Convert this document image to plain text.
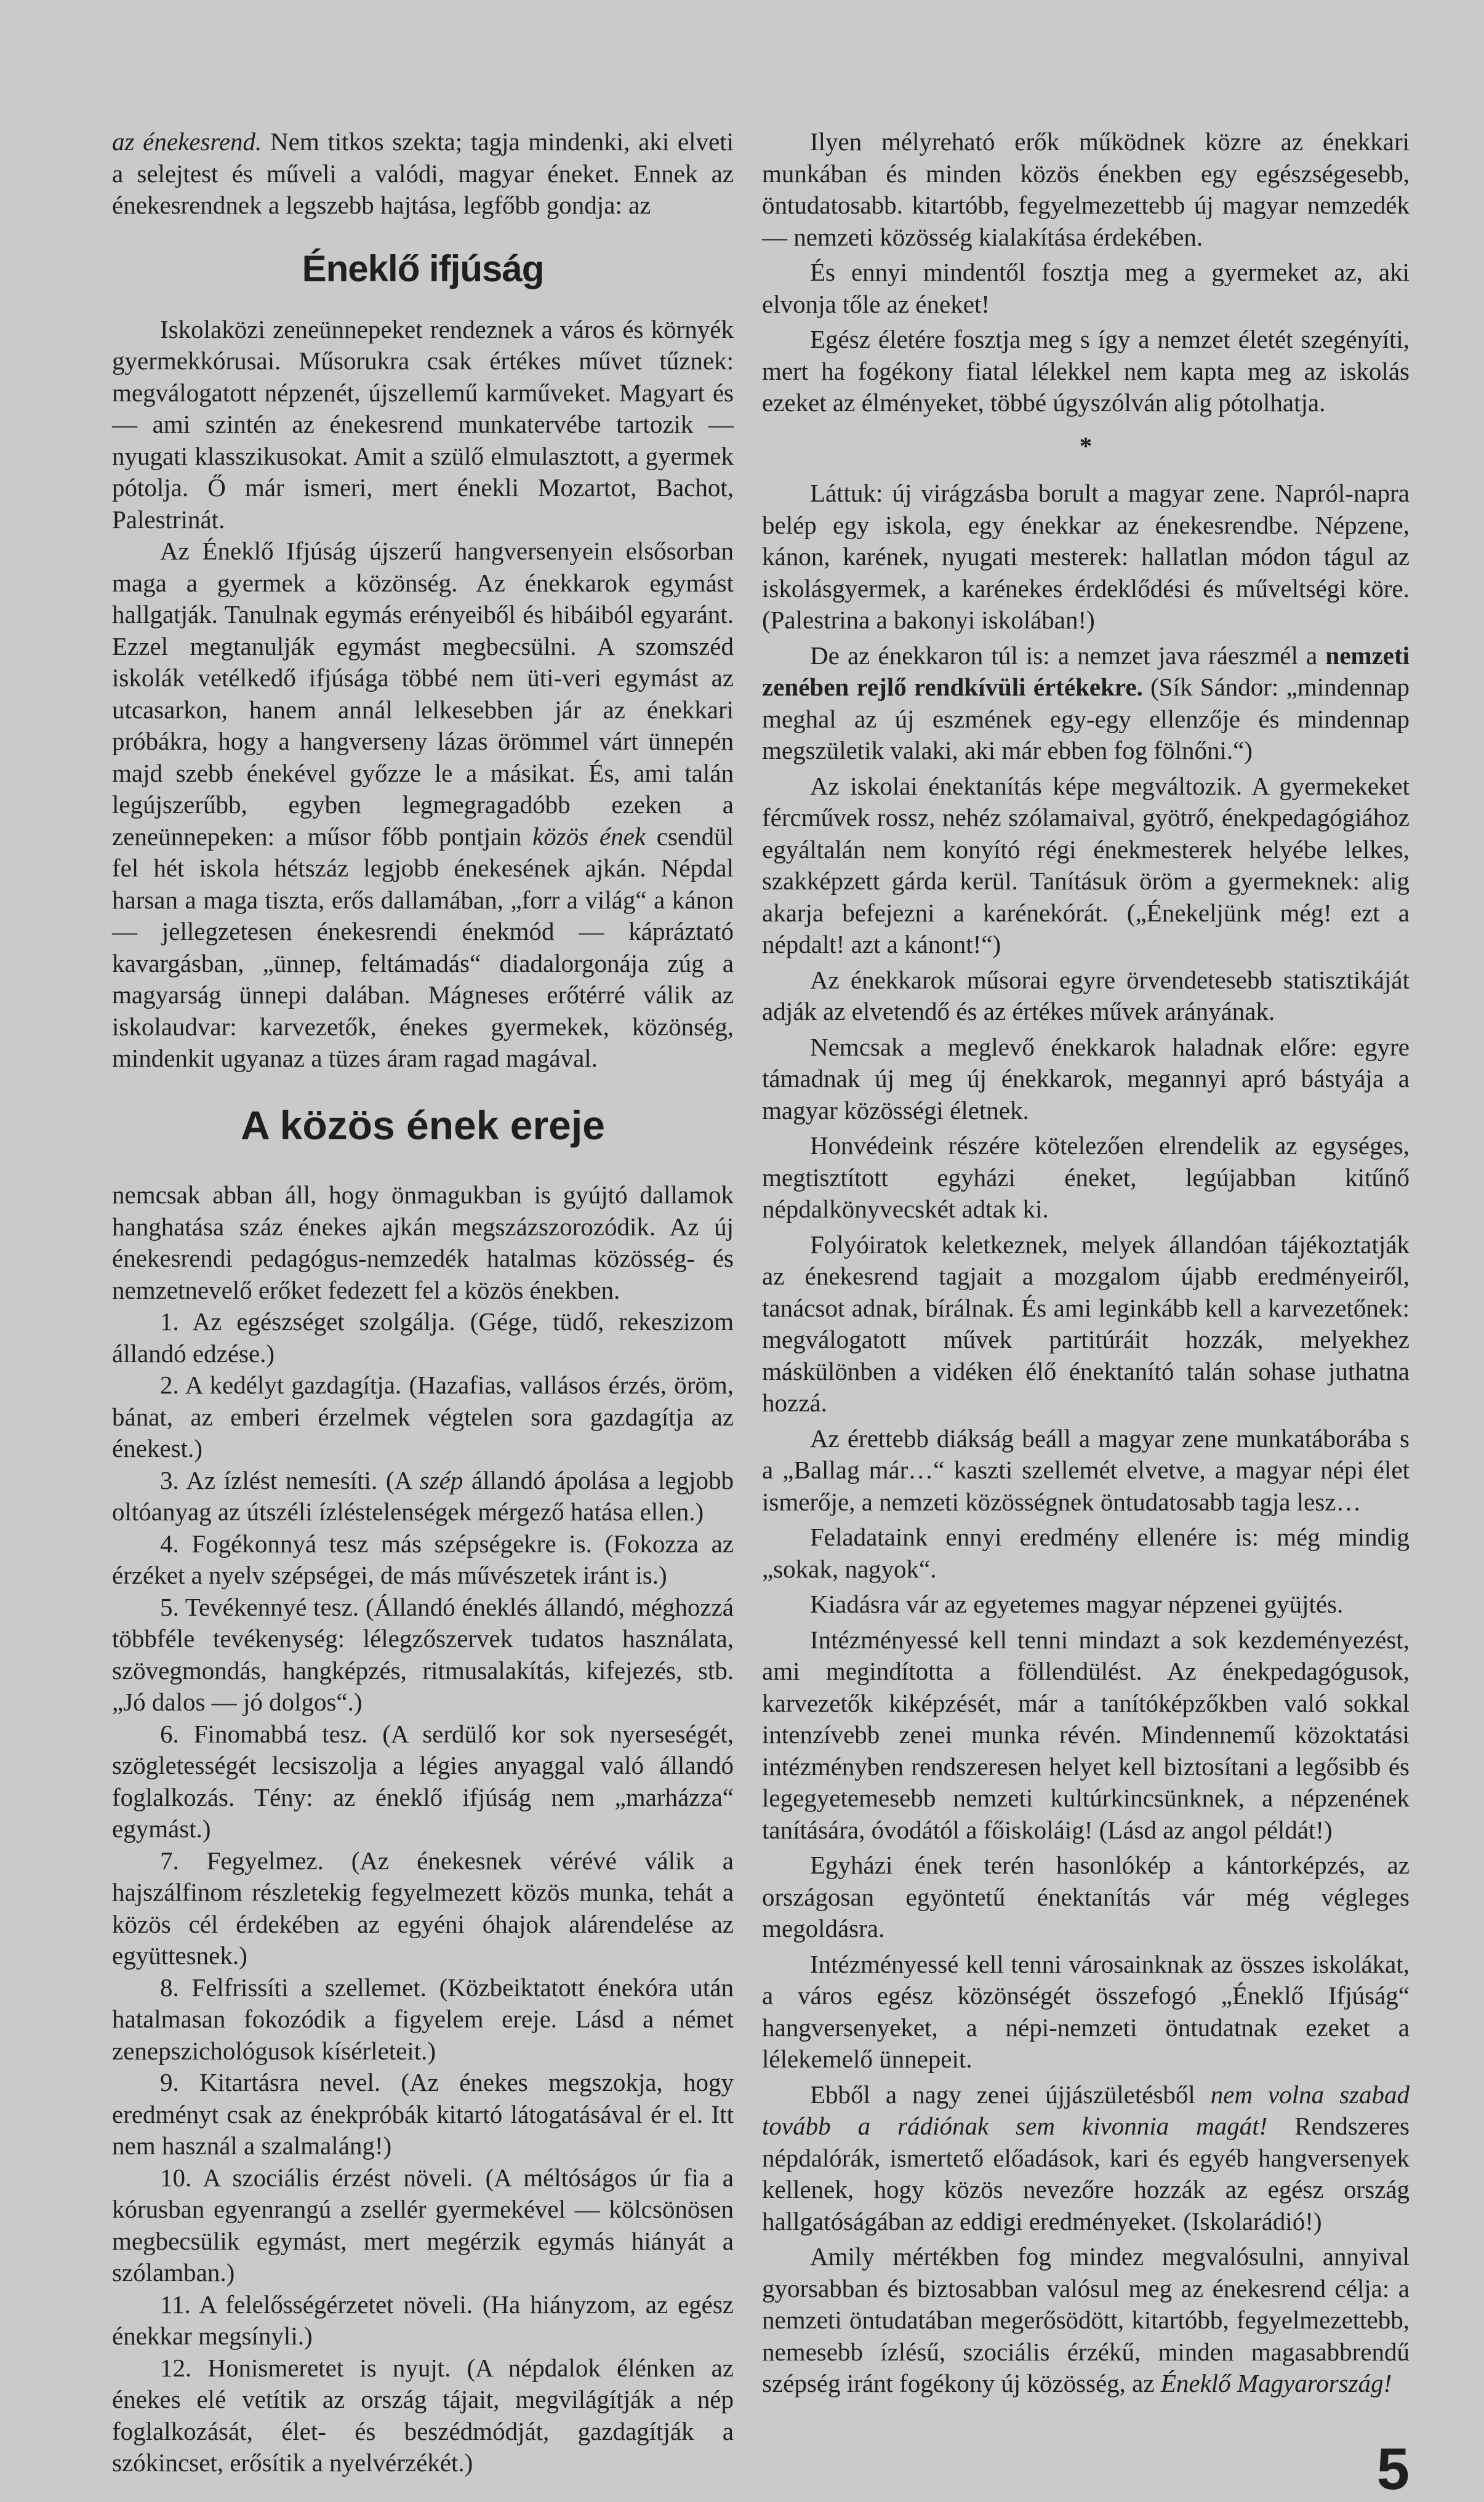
az énekesrend. Nem titkos szekta; tagja mindenki, aki elveti a selejtest és műveli a valódi, magyar éneket. Ennek az énekesrendnek a legszebb hajtása, legfőbb gondja: az

Éneklő ifjúság

Iskolaközi zeneünnepeket rendeznek a város és környék gyermekkórusai. Műsorukra csak értékes művet tűznek: megválogatott népzenét, újszellemű karműveket. Magyart és — ami szintén az énekesrend munkatervébe tartozik — nyugati klasszikusokat. Amit a szülő elmulasztott, a gyermek pótolja. Ő már ismeri, mert énekli Mozartot, Bachot, Palestrinát.

Az Éneklő Ifjúság újszerű hangversenyein elsősorban maga a gyermek a közönség. Az énekkarok egymást hallgatják. Tanulnak egymás erényeiből és hibáiból egyaránt. Ezzel megtanulják egymást megbecsülni. A szomszéd iskolák vetélkedő ifjúsága többé nem üti-veri egymást az utcasarkon, hanem annál lelkesebben jár az énekkari próbákra, hogy a hangverseny lázas örömmel várt ünnepén majd szebb énekével győzze le a másikat. És, ami talán legújszerűbb, egyben legmegragadóbb ezeken a zeneünnepeken: a műsor főbb pontjain közös ének csendül fel hét iskola hétszáz legjobb énekesének ajkán. Népdal harsan a maga tiszta, erős dallamában, „forr a világ“ a kánon — jellegzetesen énekesrendi énekmód — kápráztató kavargásban, „ünnep, feltámadás“ diadalorgonája zúg a magyarság ünnepi dalában. Mágneses erőtérré válik az iskolaudvar: karvezetők, énekes gyermekek, közönség, mindenkit ugyanaz a tüzes áram ragad magával.

A közös ének ereje

nemcsak abban áll, hogy önmagukban is gyújtó dallamok hanghatása száz énekes ajkán megszázszorozódik. Az új énekesrendi pedagógus-nemzedék hatalmas közösség- és nemzetnevelő erőket fedezett fel a közös énekben.

1. Az egészséget szolgálja. (Gége, tüdő, rekeszizom állandó edzése.)

2. A kedélyt gazdagítja. (Hazafias, vallásos érzés, öröm, bánat, az emberi érzelmek végtelen sora gazdagítja az énekest.)

3. Az ízlést nemesíti. (A szép állandó ápolása a legjobb oltóanyag az útszéli ízléstelenségek mérgező hatása ellen.)

4. Fogékonnyá tesz más szépségekre is. (Fokozza az érzéket a nyelv szépségei, de más művészetek iránt is.)

5. Tevékennyé tesz. (Állandó éneklés állandó, méghozzá többféle tevékenység: lélegzőszervek tudatos használata, szövegmondás, hangképzés, ritmusalakítás, kifejezés, stb. „Jó dalos — jó dolgos“.)

6. Finomabbá tesz. (A serdülő kor sok nyerseségét, szögletességét lecsiszolja a légies anyaggal való állandó foglalkozás. Tény: az éneklő ifjúság nem „marházza“ egymást.)

7. Fegyelmez. (Az énekesnek vérévé válik a hajszálfinom részletekig fegyelmezett közös munka, tehát a közös cél érdekében az egyéni óhajok alárendelése az együttesnek.)

8. Felfrissíti a szellemet. (Közbeiktatott énekóra után hatalmasan fokozódik a figyelem ereje. Lásd a német zenepszichológusok kísérleteit.)

9. Kitartásra nevel. (Az énekes megszokja, hogy eredményt csak az énekpróbák kitartó látogatásával ér el. Itt nem használ a szalmaláng!)

10. A szociális érzést növeli. (A méltóságos úr fia a kórusban egyenrangú a zsellér gyermekével — kölcsönösen megbecsülik egymást, mert megérzik egymás hiányát a szólamban.)

11. A felelősségérzetet növeli. (Ha hiányzom, az egész énekkar megsínyli.)

12. Honismeretet is nyujt. (A népdalok élénken az énekes elé vetítik az ország tájait, megvilágítják a nép foglalkozását, élet- és beszédmódját, gazdagítják a szókincset, erősítik a nyelvérzékét.)

Ilyen mélyreható erők működnek közre az énekkari munkában és minden közös énekben egy egészségesebb, öntudatosabb. kitartóbb, fegyelmezettebb új magyar nemzedék — nemzeti közösség kialakítása érdekében.

És ennyi mindentől fosztja meg a gyermeket az, aki elvonja tőle az éneket!

Egész életére fosztja meg s így a nemzet életét szegényíti, mert ha fogékony fiatal lélekkel nem kapta meg az iskolás ezeket az élményeket, többé úgyszólván alig pótolhatja.

*

Láttuk: új virágzásba borult a magyar zene. Napról-napra belép egy iskola, egy énekkar az énekesrendbe. Népzene, kánon, karének, nyugati mesterek: hallatlan módon tágul az iskolásgyermek, a karénekes érdeklődési és műveltségi köre. (Palestrina a bakonyi iskolában!)

De az énekkaron túl is: a nemzet java ráeszmél a nemzeti zenében rejlő rendkívüli értékekre. (Sík Sándor: „mindennap meghal az új eszmének egy-egy ellenzője és mindennap megszületik valaki, aki már ebben fog fölnőni.“)

Az iskolai énektanítás képe megváltozik. A gyermekeket fércművek rossz, nehéz szólamaival, gyötrő, énekpedagógiához egyáltalán nem konyító régi énekmesterek helyébe lelkes, szakképzett gárda kerül. Tanításuk öröm a gyermeknek: alig akarja befejezni a karénekórát. („Énekeljünk még! ezt a népdalt! azt a kánont!“)

Az énekkarok műsorai egyre örvendetesebb statisztikáját adják az elvetendő és az értékes művek arányának.

Nemcsak a meglevő énekkarok haladnak előre: egyre támadnak új meg új énekkarok, megannyi apró bástyája a magyar közösségi életnek.

Honvédeink részére kötelezően elrendelik az egységes, megtisztított egyházi éneket, legújabban kitűnő népdalkönyvecskét adtak ki.

Folyóiratok keletkeznek, melyek állandóan tájékoztatják az énekesrend tagjait a mozgalom újabb eredményeiről, tanácsot adnak, bírálnak. És ami leginkább kell a karvezetőnek: megválogatott művek partitúráit hozzák, melyekhez máskülönben a vidéken élő énektanító talán sohase juthatna hozzá.

Az érettebb diákság beáll a magyar zene munkatáborába s a „Ballag már…“ kaszti szellemét elvetve, a magyar népi élet ismerője, a nemzeti közösségnek öntudatosabb tagja lesz…

Feladataink ennyi eredmény ellenére is: még mindig „sokak, nagyok“.

Kiadásra vár az egyetemes magyar népzenei gyüjtés.

Intézményessé kell tenni mindazt a sok kezdeményezést, ami megindította a föllendülést. Az énekpedagógusok, karvezetők kiképzését, már a tanítóképzőkben való sokkal intenzívebb zenei munka révén. Mindennemű közoktatási intézményben rendszeresen helyet kell biztosítani a legősibb és legegyetemesebb nemzeti kultúrkincsünknek, a népzenének tanítására, óvodától a főiskoláig! (Lásd az angol példát!)

Egyházi ének terén hasonlókép a kántorképzés, az országosan egyöntetű énektanítás vár még végleges megoldásra.

Intézményessé kell tenni városainknak az összes iskolákat, a város egész közönségét összefogó „Éneklő Ifjúság“ hangversenyeket, a népi-nemzeti öntudatnak ezeket a lélekemelő ünnepeit.

Ebből a nagy zenei újjászületésből nem volna szabad tovább a rádiónak sem kivonnia magát! Rendszeres népdalórák, ismertető előadások, kari és egyéb hangversenyek kellenek, hogy közös nevezőre hozzák az egész ország hallgatóságában az eddigi eredményeket. (Iskolarádió!)

Amily mértékben fog mindez megvalósulni, annyival gyorsabban és biztosabban valósul meg az énekesrend célja: a nemzeti öntudatában megerősödött, kitartóbb, fegyelmezettebb, nemesebb ízlésű, szociális érzékű, minden magasabbrendű szépség iránt fogékony új közösség, az Éneklő Magyarország!

5
